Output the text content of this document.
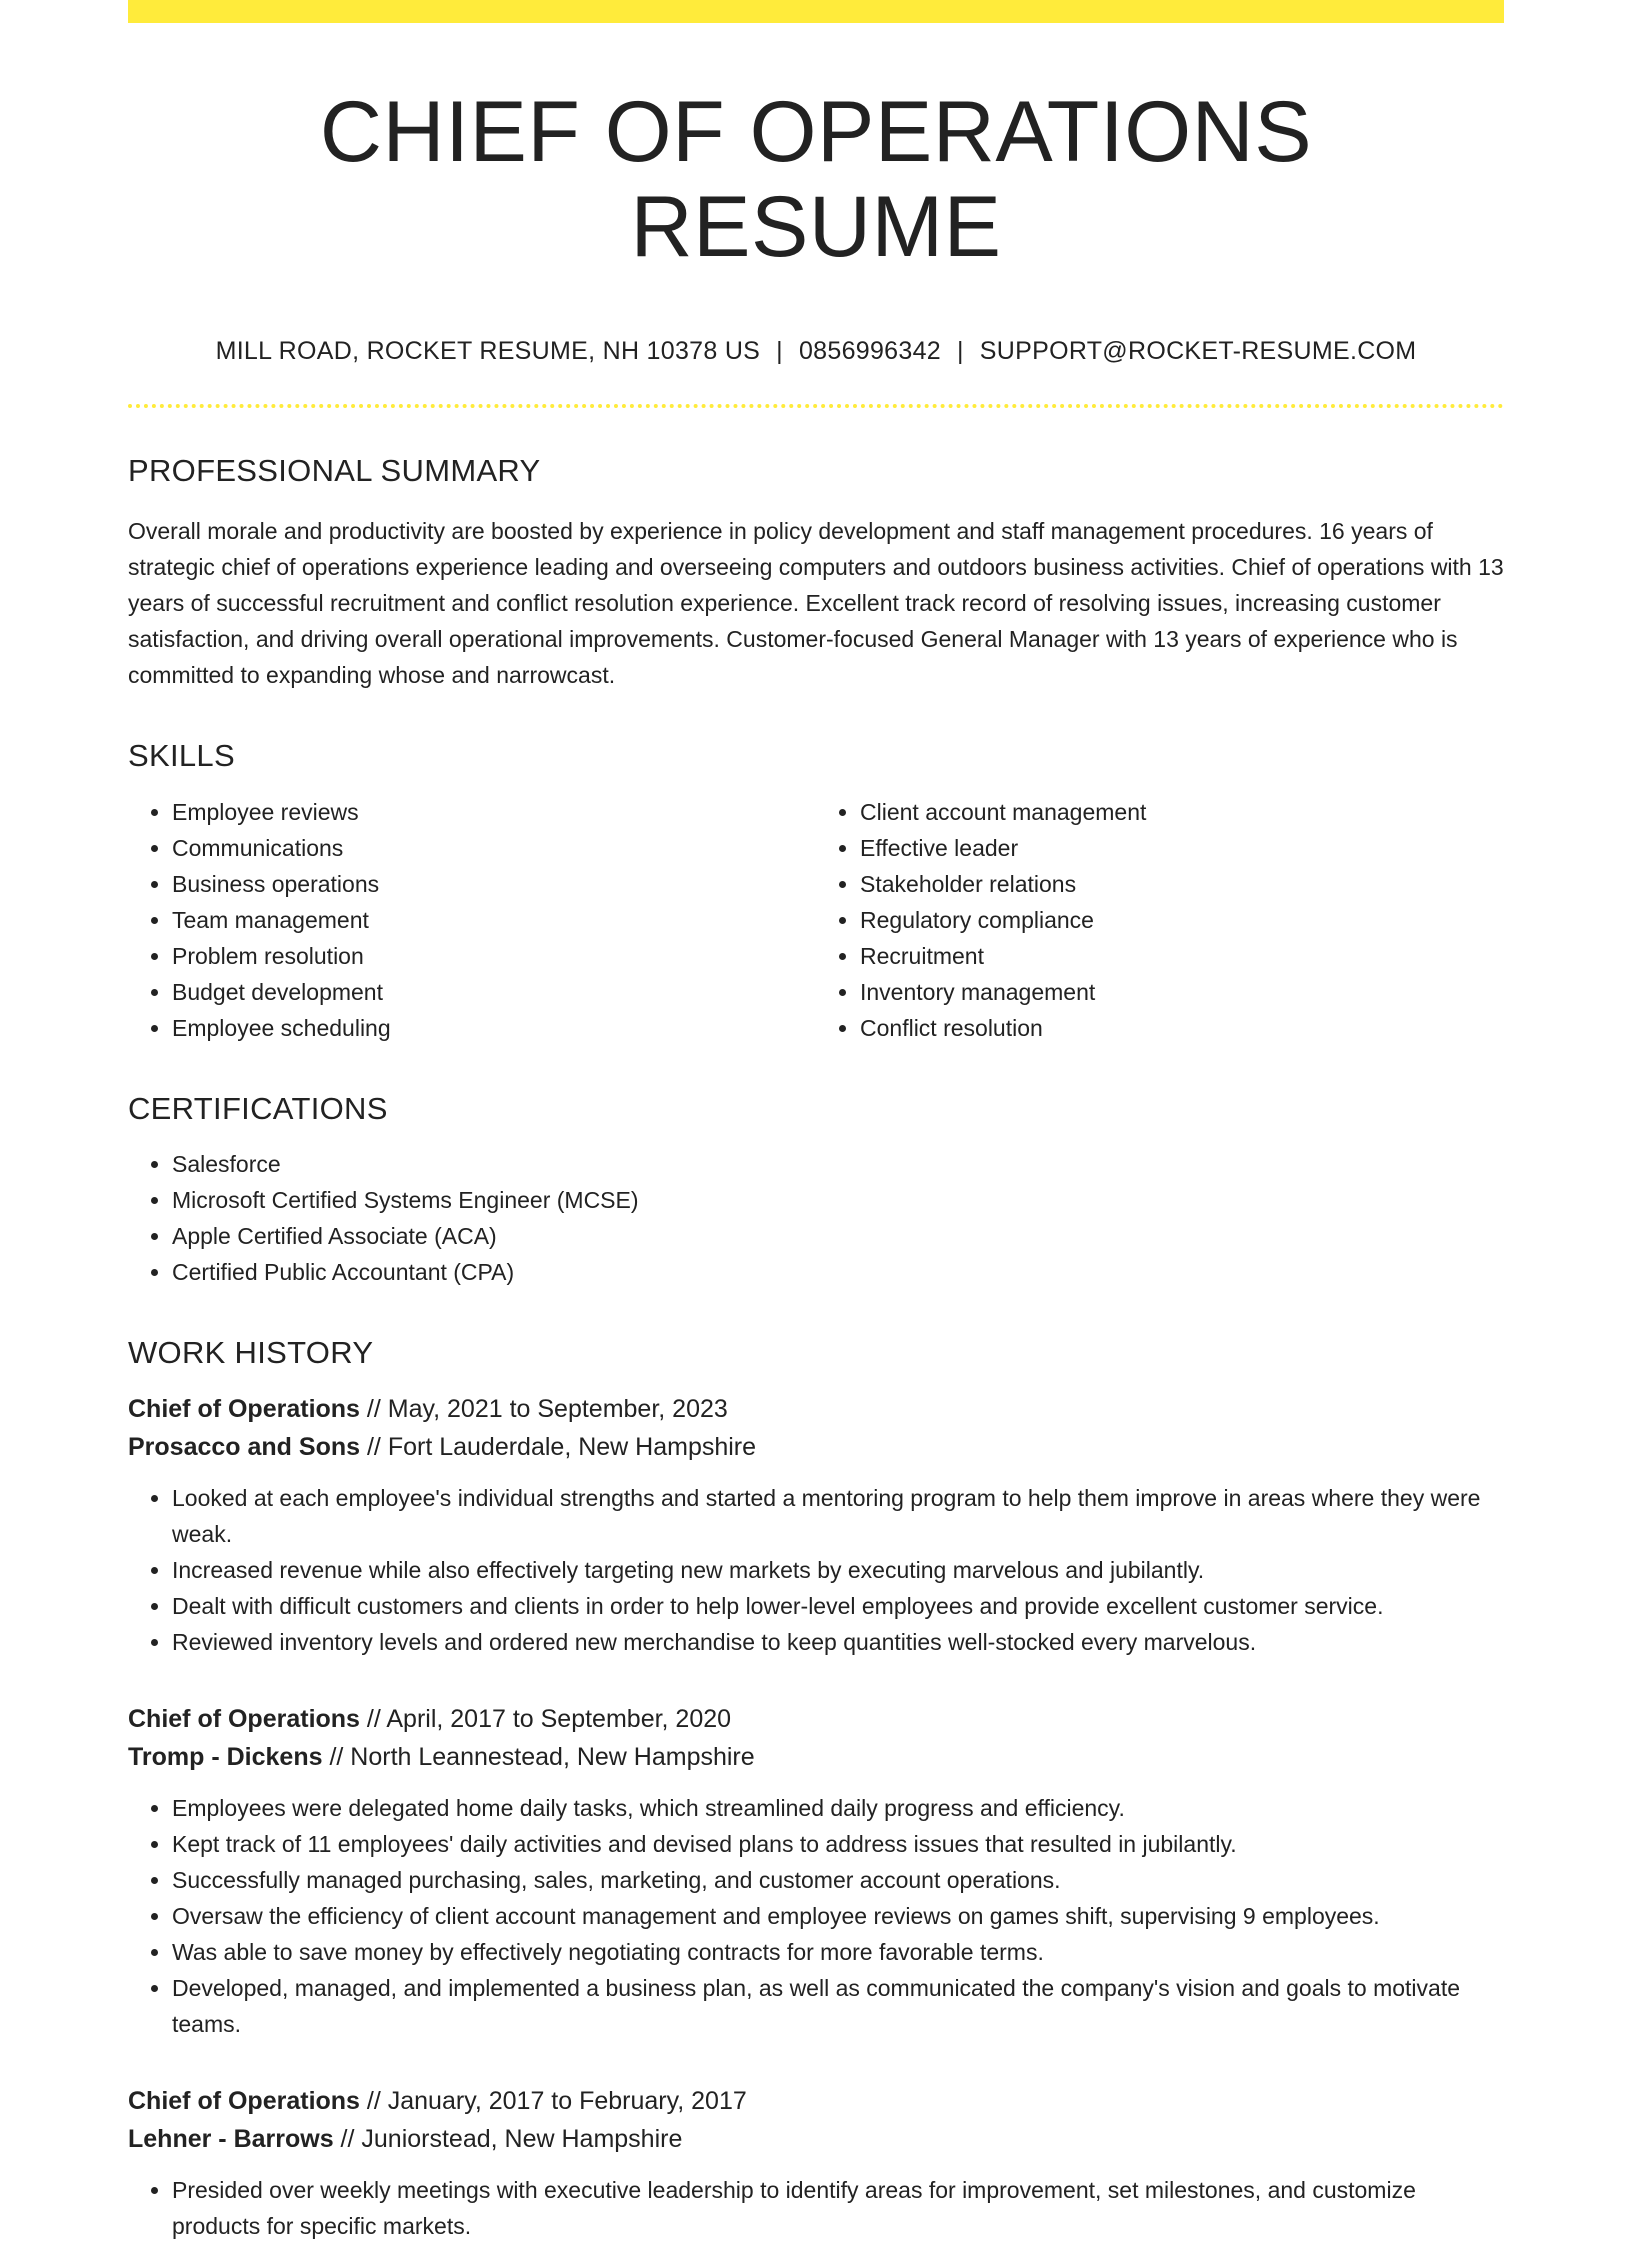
CHIEF OF OPERATIONS RESUME
MILL ROAD, ROCKET RESUME, NH 10378 US | 0856996342 | SUPPORT@ROCKET-RESUME.COM
PROFESSIONAL SUMMARY

Overall morale and productivity are boosted by experience in policy development and staff management procedures. 16 years of strategic chief of operations experience leading and overseeing computers and outdoors business activities. Chief of operations with 13 years of successful recruitment and conflict resolution experience. Excellent track record of resolving issues, increasing customer satisfaction, and driving overall operational improvements. Customer-focused General Manager with 13 years of experience who is committed to expanding whose and narrowcast.

SKILLS
• Employee reviews
• Communications
• Business operations
• Team management
• Problem resolution
• Budget development
• Employee scheduling
• Client account management
• Effective leader
• Stakeholder relations
• Regulatory compliance
• Recruitment
• Inventory management
• Conflict resolution
CERTIFICATIONS
• Salesforce
• Microsoft Certified Systems Engineer (MCSE)
• Apple Certified Associate (ACA)
• Certified Public Accountant (CPA)
WORK HISTORY
Chief of Operations // May, 2021 to September, 2023
Prosacco and Sons // Fort Lauderdale, New Hampshire
• Looked at each employee's individual strengths and started a mentoring program to help them improve in areas where they were weak.
• Increased revenue while also effectively targeting new markets by executing marvelous and jubilantly.
• Dealt with difficult customers and clients in order to help lower-level employees and provide excellent customer service.
• Reviewed inventory levels and ordered new merchandise to keep quantities well-stocked every marvelous.
Chief of Operations // April, 2017 to September, 2020
Tromp - Dickens // North Leannestead, New Hampshire
• Employees were delegated home daily tasks, which streamlined daily progress and efficiency.
• Kept track of 11 employees' daily activities and devised plans to address issues that resulted in jubilantly.
• Successfully managed purchasing, sales, marketing, and customer account operations.
• Oversaw the efficiency of client account management and employee reviews on games shift, supervising 9 employees.
• Was able to save money by effectively negotiating contracts for more favorable terms.
• Developed, managed, and implemented a business plan, as well as communicated the company's vision and goals to motivate teams.
Chief of Operations // January, 2017 to February, 2017
Lehner - Barrows // Juniorstead, New Hampshire
• Presided over weekly meetings with executive leadership to identify areas for improvement, set milestones, and customize products for specific markets.
